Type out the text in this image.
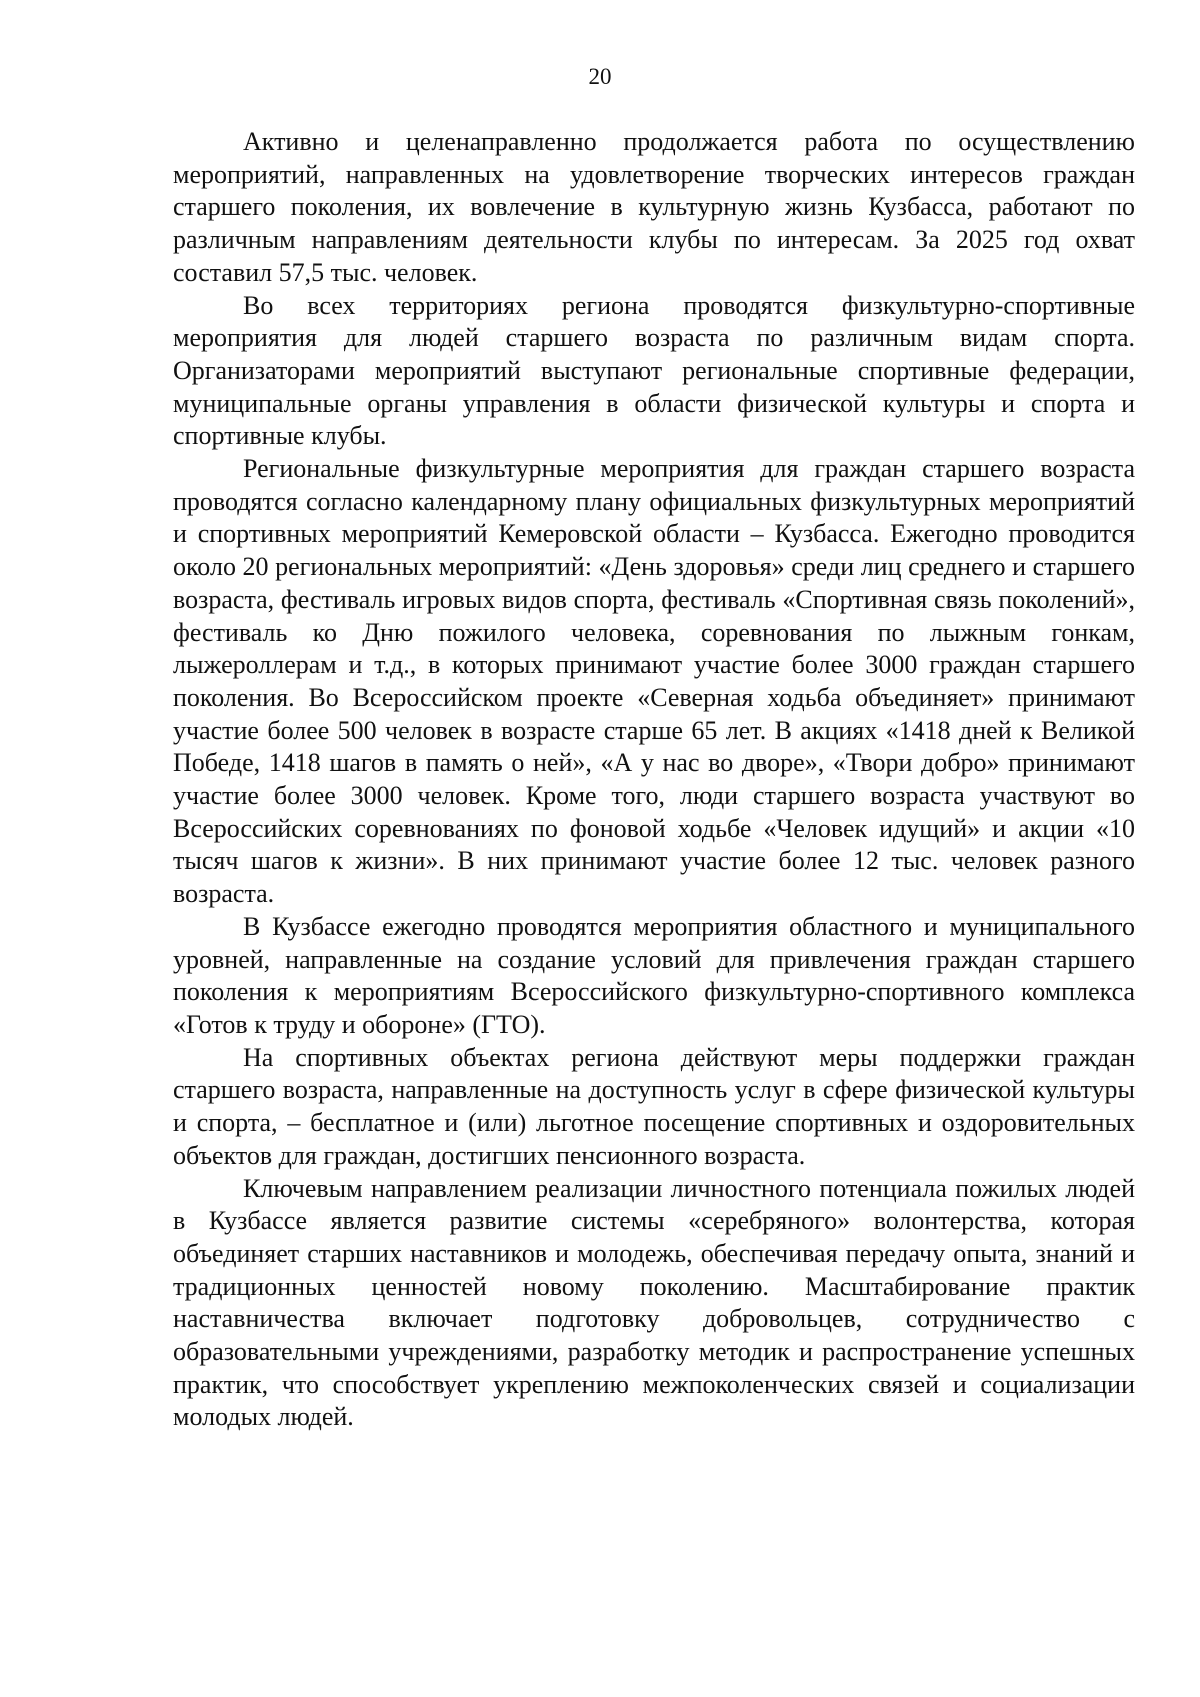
20

Активно и целенаправленно продолжается работа по осуществлению мероприятий, направленных на удовлетворение творческих интересов граждан старшего поколения, их вовлечение в культурную жизнь Кузбасса, работают по различным направлениям деятельности клубы по интересам. За 2025 год охват составил 57,5 тыс. человек.

Во всех территориях региона проводятся физкультурно-спортивные мероприятия для людей старшего возраста по различным видам спорта. Организаторами мероприятий выступают региональные спортивные федерации, муниципальные органы управления в области физической культуры и спорта и спортивные клубы.

Региональные физкультурные мероприятия для граждан старшего возраста проводятся согласно календарному плану официальных физкультурных мероприятий и спортивных мероприятий Кемеровской области – Кузбасса. Ежегодно проводится около 20 региональных мероприятий: «День здоровья» среди лиц среднего и старшего возраста, фестиваль игровых видов спорта, фестиваль «Спортивная связь поколений», фестиваль ко Дню пожилого человека, соревнования по лыжным гонкам, лыжероллерам и т.д., в которых принимают участие более 3000 граждан старшего поколения. Во Всероссийском проекте «Северная ходьба объединяет» принимают участие более 500 человек в возрасте старше 65 лет. В акциях «1418 дней к Великой Победе, 1418 шагов в память о ней», «А у нас во дворе», «Твори добро» принимают участие более 3000 человек. Кроме того, люди старшего возраста участвуют во Всероссийских соревнованиях по фоновой ходьбе «Человек идущий» и акции «10 тысяч шагов к жизни». В них принимают участие более 12 тыс. человек разного возраста.

В Кузбассе ежегодно проводятся мероприятия областного и муниципального уровней, направленные на создание условий для привлечения граждан старшего поколения к мероприятиям Всероссийского физкультурно-спортивного комплекса «Готов к труду и обороне» (ГТО).

На спортивных объектах региона действуют меры поддержки граждан старшего возраста, направленные на доступность услуг в сфере физической культуры и спорта, – бесплатное и (или) льготное посещение спортивных и оздоровительных объектов для граждан, достигших пенсионного возраста.

Ключевым направлением реализации личностного потенциала пожилых людей в Кузбассе является развитие системы «серебряного» волонтерства, которая объединяет старших наставников и молодежь, обеспечивая передачу опыта, знаний и традиционных ценностей новому поколению. Масштабирование практик наставничества включает подготовку добровольцев, сотрудничество с образовательными учреждениями, разработку методик и распространение успешных практик, что способствует укреплению межпоколенческих связей и социализации молодых людей.
